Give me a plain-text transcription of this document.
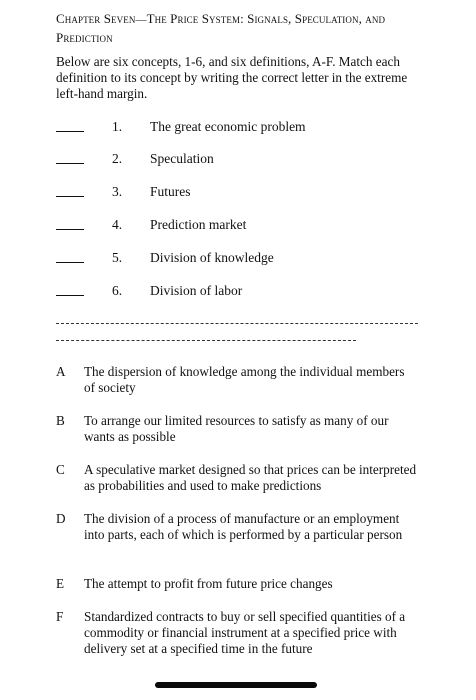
Chapter Seven—The Price System: Signals, Speculation, and
Prediction
Below are six concepts, 1-6, and six definitions, A-F. Match each definition to its concept by writing the correct letter in the extreme left-hand margin.
1. The great economic problem
2. Speculation
3. Futures
4. Prediction market
5. Division of knowledge
6. Division of labor
A The dispersion of knowledge among the individual members of society
B To arrange our limited resources to satisfy as many of our wants as possible
C A speculative market designed so that prices can be interpreted as probabilities and used to make predictions
D The division of a process of manufacture or an employment into parts, each of which is performed by a particular person
E The attempt to profit from future price changes
F Standardized contracts to buy or sell specified quantities of a commodity or financial instrument at a specified price with delivery set at a specified time in the future
